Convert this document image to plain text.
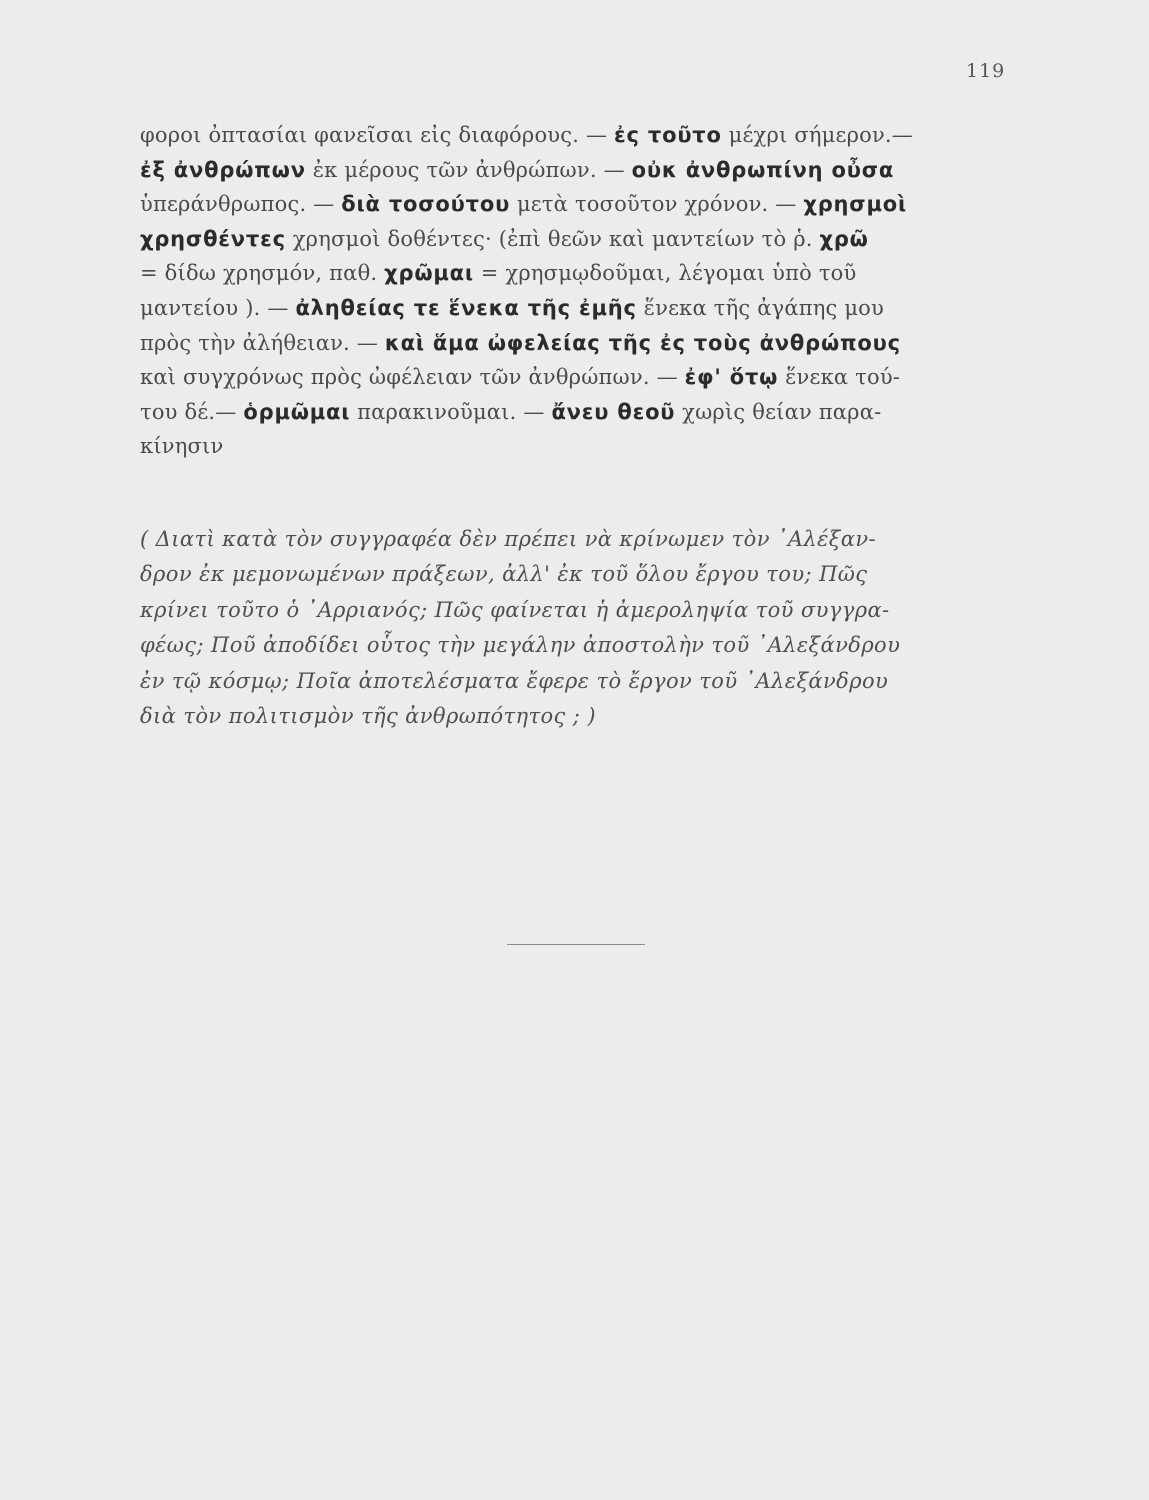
119
φοροι ὀπτασίαι φανεῖσαι εἰς διαφόρους. — ἐς τοῦτο μέχρι σήμερον.—
ἐξ ἀνθρώπων ἐκ μέρους τῶν ἀνθρώπων. — οὐκ ἀνθρωπίνη οὖσα
ὑπεράνθρωπος. — διὰ τοσούτου μετὰ τοσοῦτον χρόνον. — χρησμοὶ
χρησθέντες χρησμοὶ δοθέντες· (ἐπὶ θεῶν καὶ μαντείων τὸ ῥ. χρῶ
= δίδω χρησμόν, παθ. χρῶμαι = χρησμῳδοῦμαι, λέγομαι ὑπὸ τοῦ
μαντείου ). — ἀληθείας τε ἕνεκα τῆς ἐμῆς ἕνεκα τῆς ἀγάπης μου
πρὸς τὴν ἀλήθειαν. — καὶ ἅμα ὠφελείας τῆς ἐς τοὺς ἀνθρώπους
καὶ συγχρόνως πρὸς ὠφέλειαν τῶν ἀνθρώπων. — ἐφ' ὅτῳ ἕνεκα τού-
του δέ.— ὁρμῶμαι παρακινοῦμαι. — ἄνευ θεοῦ χωρὶς θείαν παρα-
κίνησιν
( Διατὶ κατὰ τὸν συγγραφέα δὲν πρέπει νὰ κρίνωμεν τὸν ᾿Αλέξαν-
δρον ἐκ μεμονωμένων πράξεων, ἀλλ' ἐκ τοῦ ὅλου ἔργου του; Πῶς
κρίνει τοῦτο ὁ ᾿Αρριανός; Πῶς φαίνεται ἡ ἀμεροληψία τοῦ συγγρα-
φέως; Ποῦ ἀποδίδει οὗτος τὴν μεγάλην ἀποστολὴν τοῦ ᾿Αλεξάνδρου
ἐν τῷ κόσμῳ; Ποῖα ἀποτελέσματα ἔφερε τὸ ἔργον τοῦ ᾿Αλεξάνδρου
διὰ τὸν πολιτισμὸν τῆς ἀνθρωπότητος ; )
